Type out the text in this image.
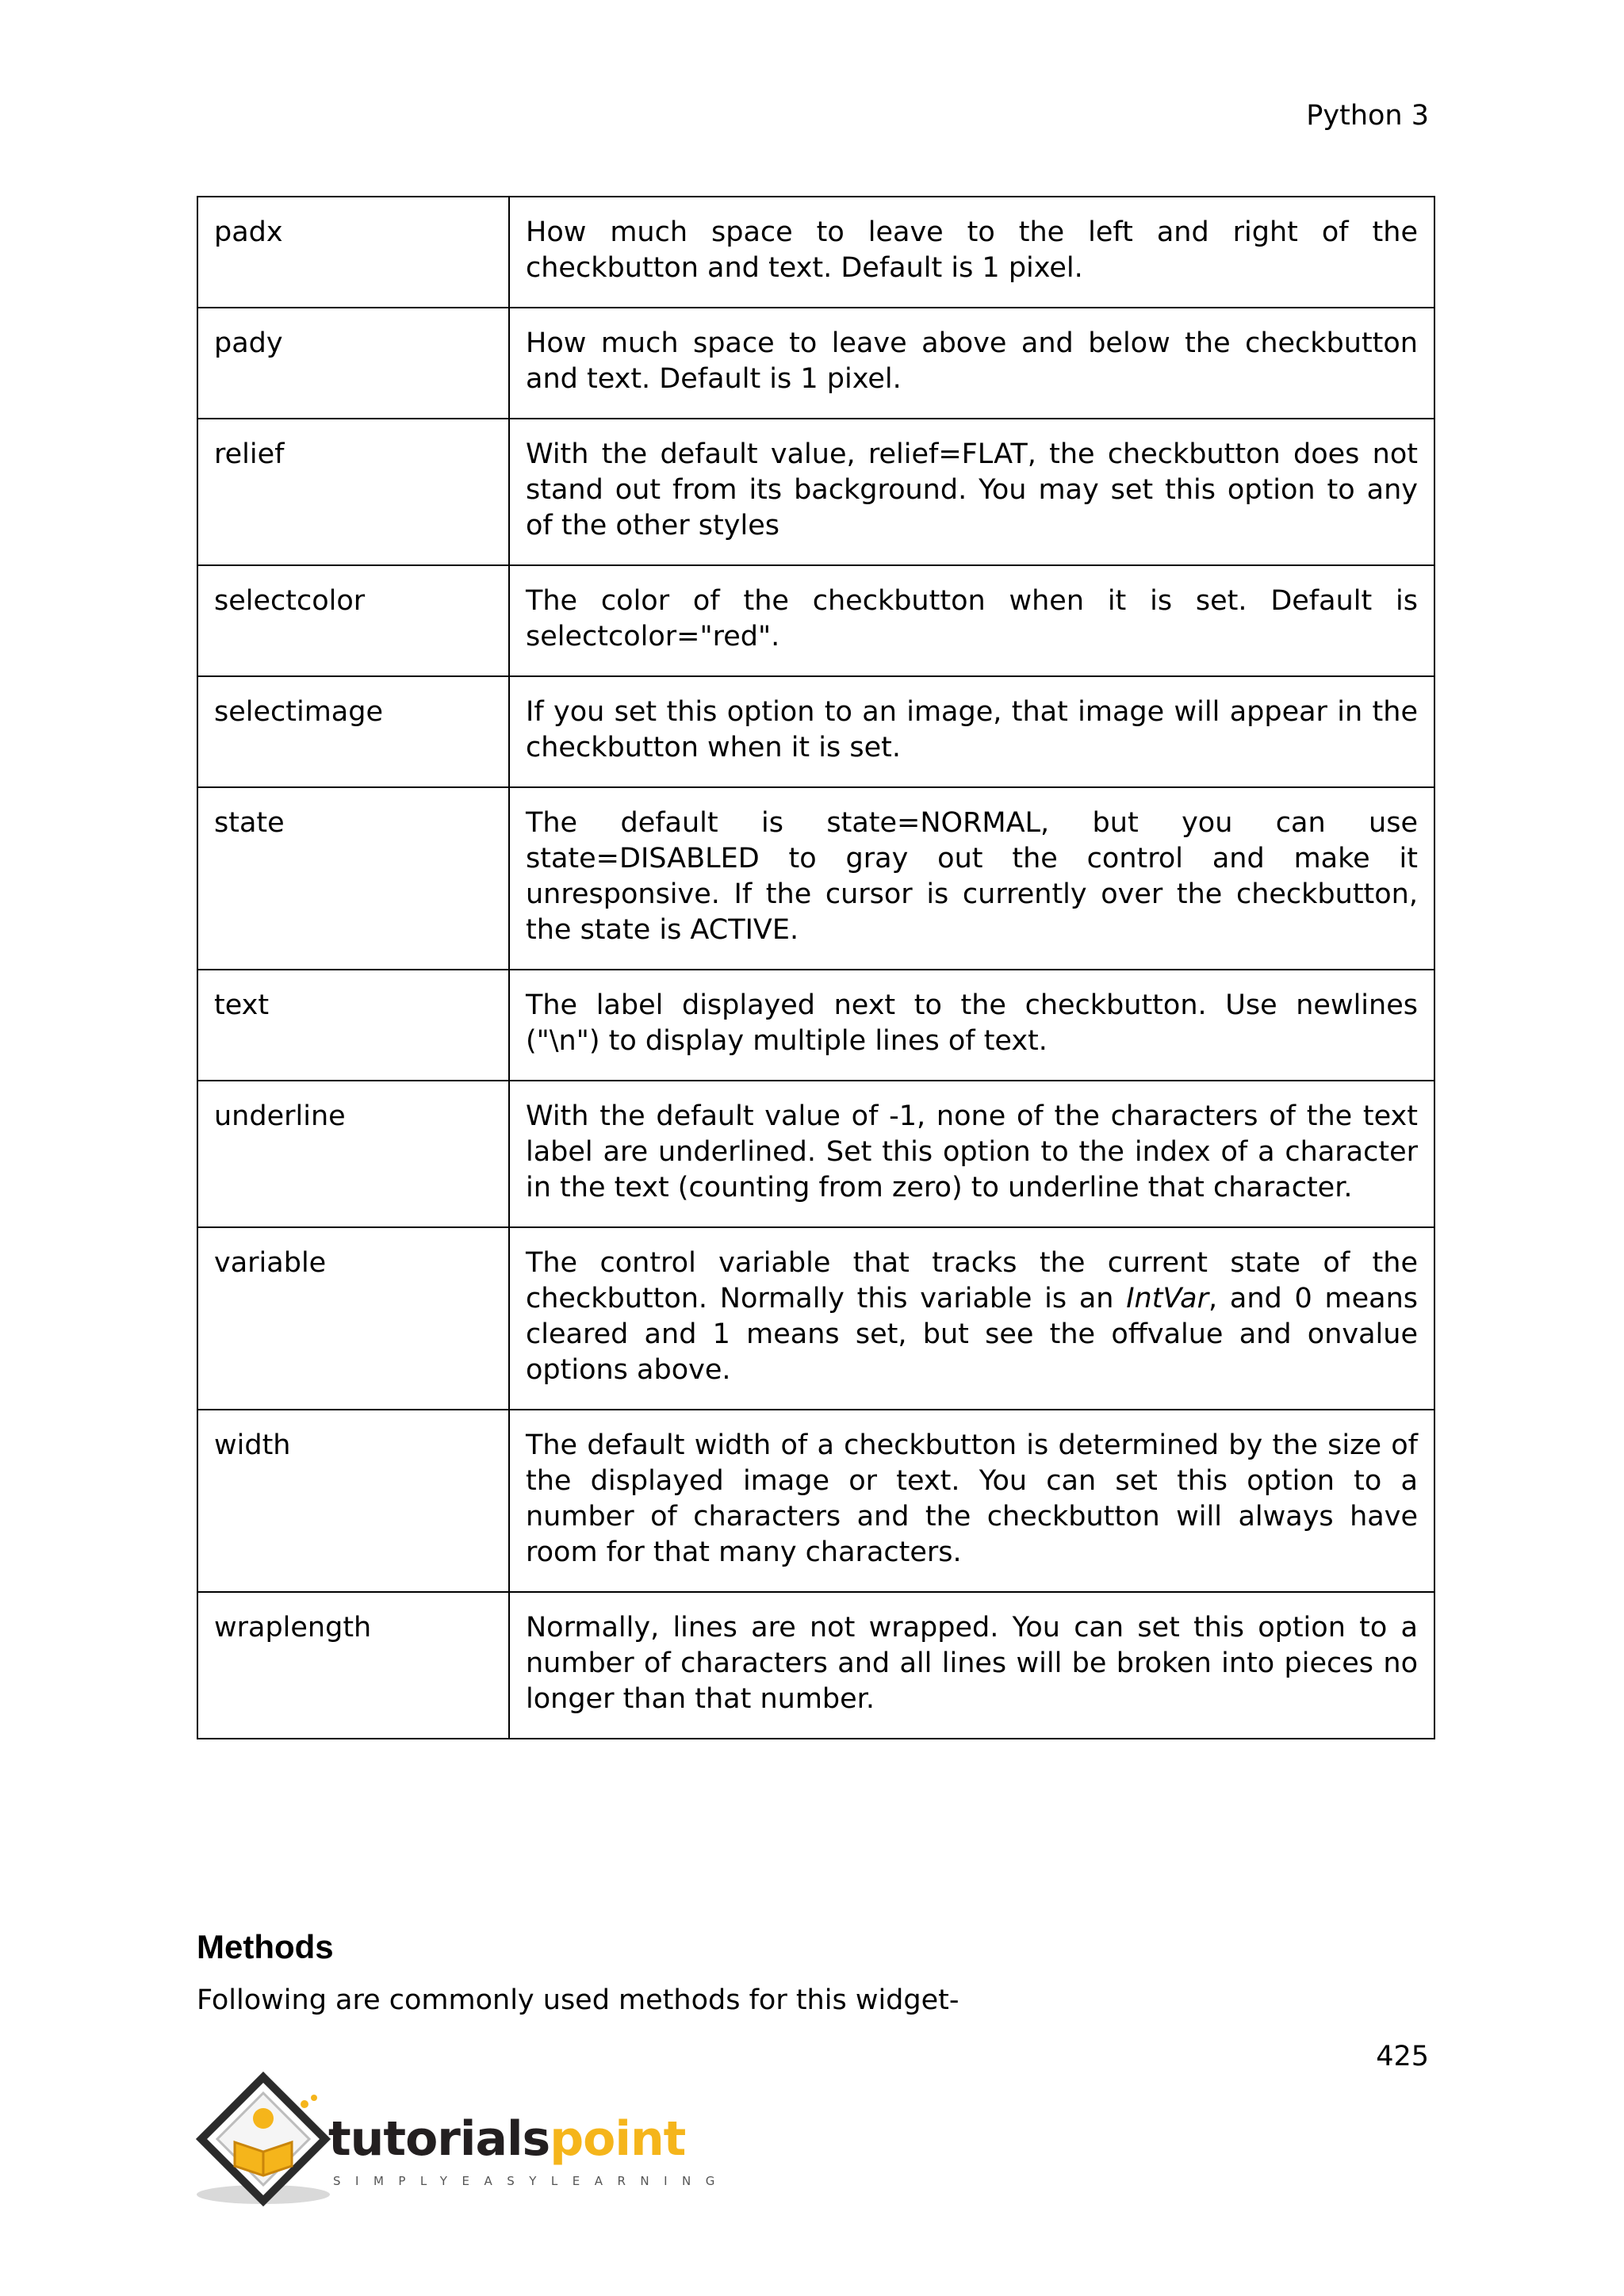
Python 3
padx	How much space to leave to the left and right of the checkbutton and text. Default is 1 pixel.
pady	How much space to leave above and below the checkbutton and text. Default is 1 pixel.
relief	With the default value, relief=FLAT, the checkbutton does not stand out from its background. You may set this option to any of the other styles
selectcolor	The color of the checkbutton when it is set. Default is selectcolor="red".
selectimage	If you set this option to an image, that image will appear in the checkbutton when it is set.
state	The default is state=NORMAL, but you can use state=DISABLED to gray out the control and make it unresponsive. If the cursor is currently over the checkbutton, the state is ACTIVE.
text	The label displayed next to the checkbutton. Use newlines ("\n") to display multiple lines of text.
underline	With the default value of -1, none of the characters of the text label are underlined. Set this option to the index of a character in the text (counting from zero) to underline that character.
variable	The control variable that tracks the current state of the checkbutton. Normally this variable is an IntVar, and 0 means cleared and 1 means set, but see the offvalue and onvalue options above.
width	The default width of a checkbutton is determined by the size of the displayed image or text. You can set this option to a number of characters and the checkbutton will always have room for that many characters.
wraplength	Normally, lines are not wrapped. You can set this option to a number of characters and all lines will be broken into pieces no longer than that number.
Methods

Following are commonly used methods for this widget-

425
tutorialspoint
SIMPLYEASYLEARNING
